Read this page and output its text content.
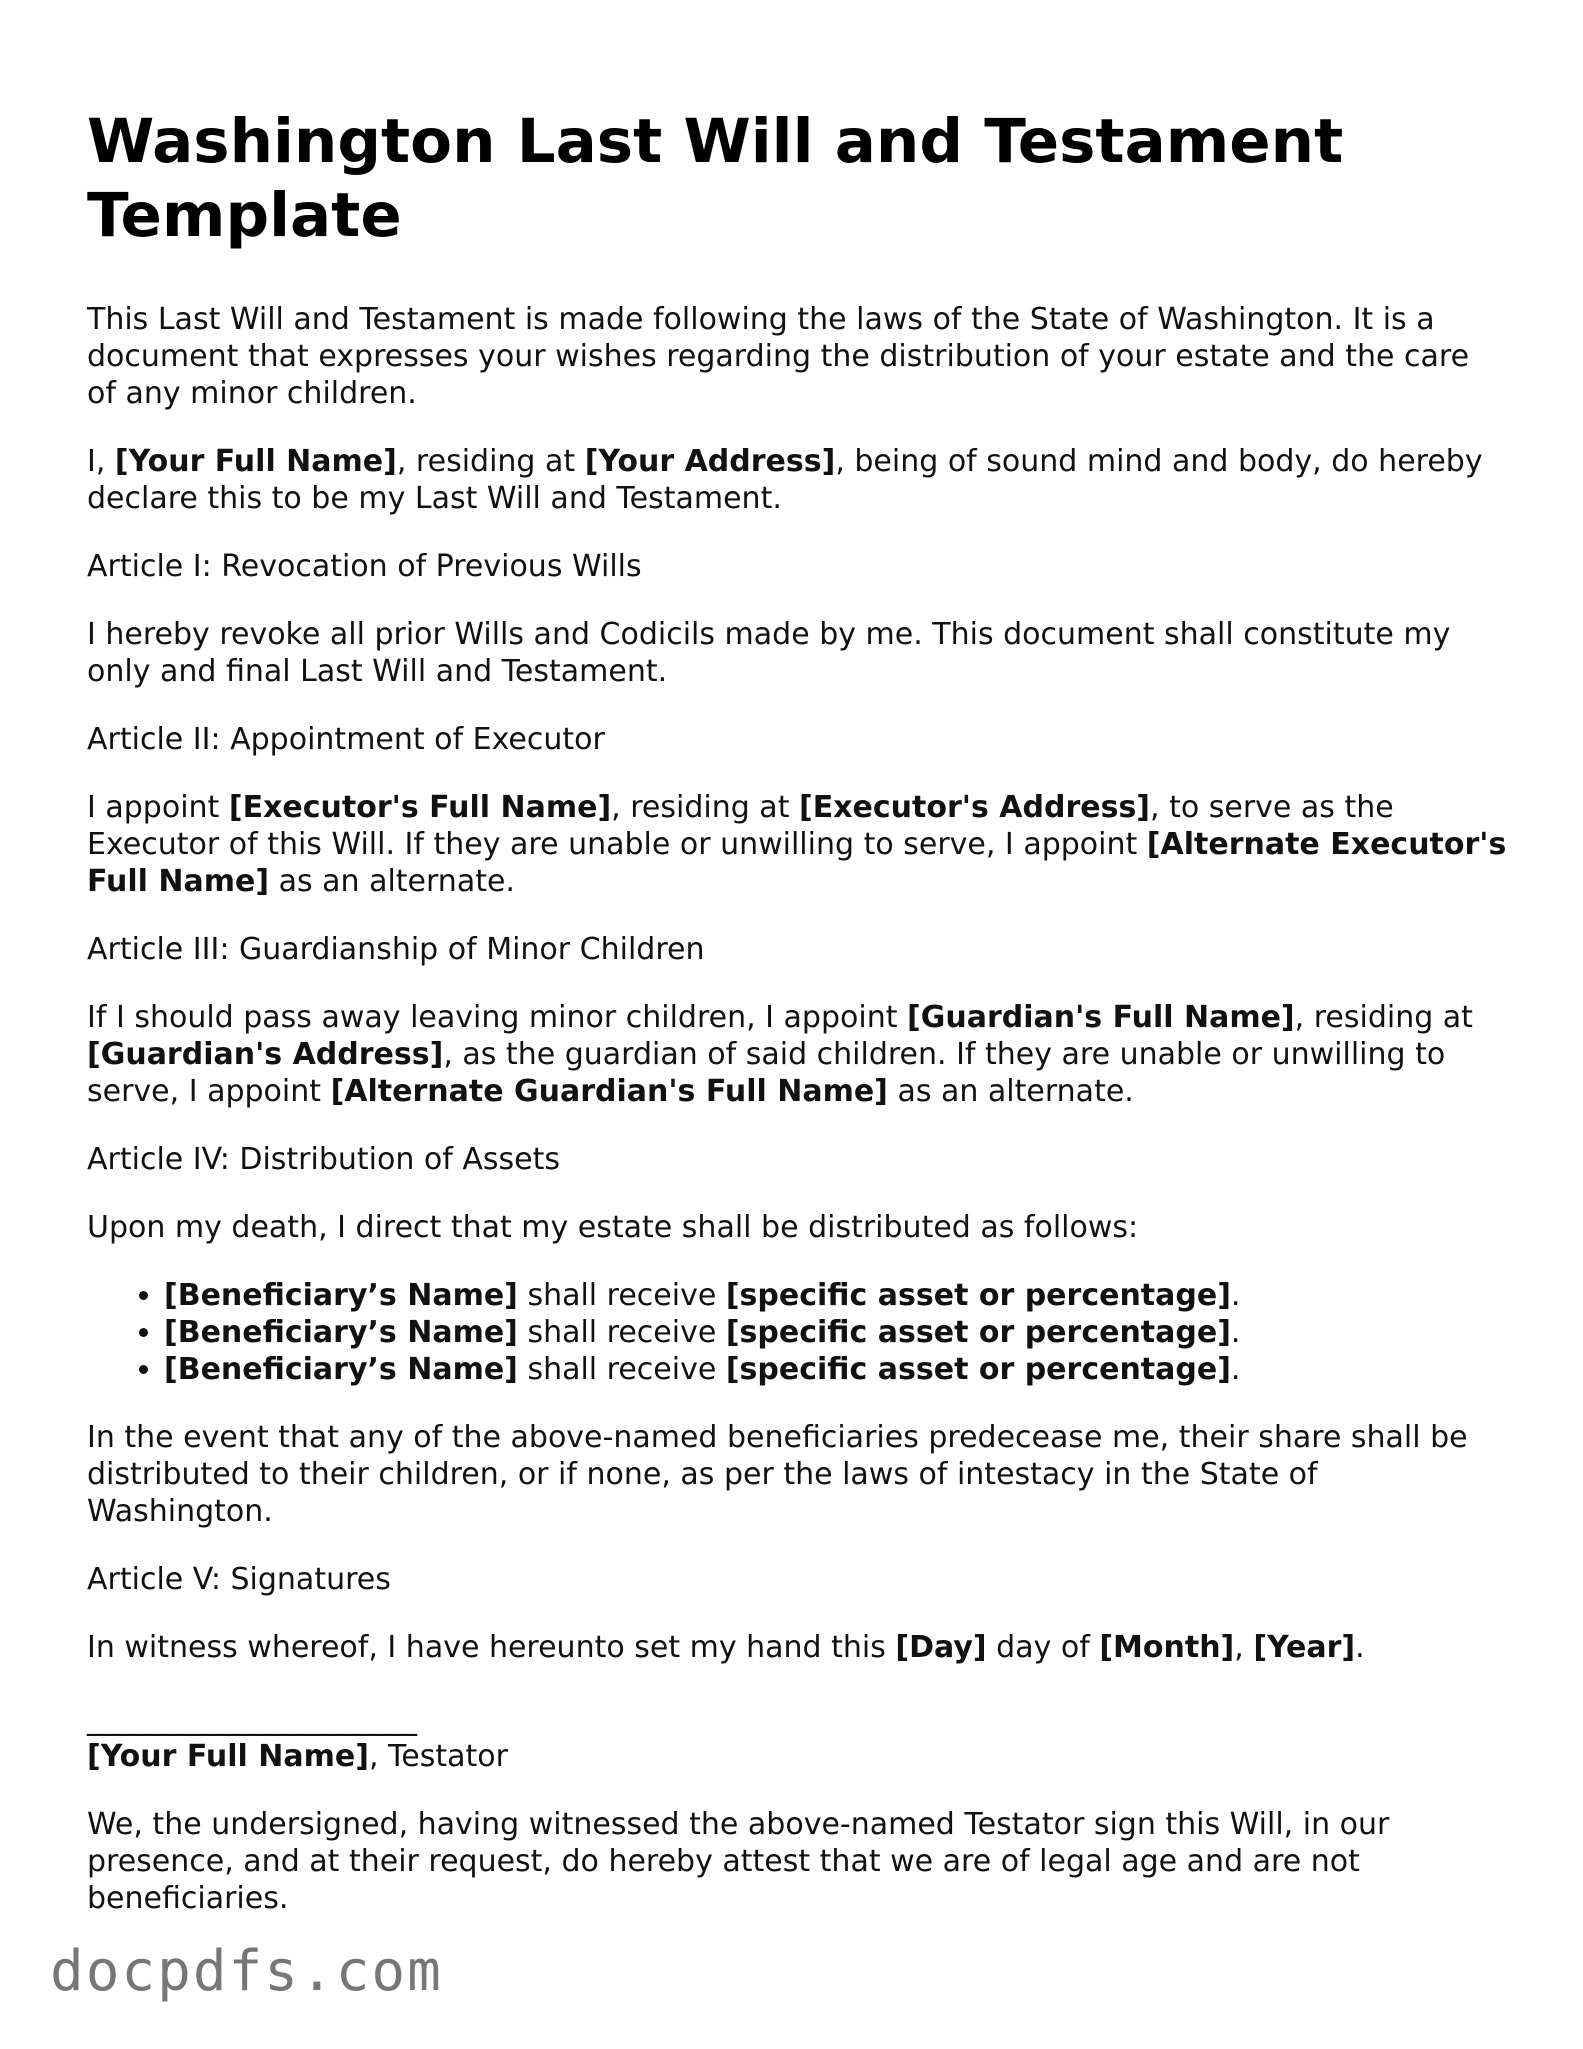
Washington Last Will and Testament Template

This Last Will and Testament is made following the laws of the State of Washington. It is a document that expresses your wishes regarding the distribution of your estate and the care of any minor children.

I, [Your Full Name], residing at [Your Address], being of sound mind and body, do hereby declare this to be my Last Will and Testament.

Article I: Revocation of Previous Wills

I hereby revoke all prior Wills and Codicils made by me. This document shall constitute my only and final Last Will and Testament.

Article II: Appointment of Executor

I appoint [Executor's Full Name], residing at [Executor's Address], to serve as the Executor of this Will. If they are unable or unwilling to serve, I appoint [Alternate Executor's Full Name] as an alternate.

Article III: Guardianship of Minor Children

If I should pass away leaving minor children, I appoint [Guardian's Full Name], residing at [Guardian's Address], as the guardian of said children. If they are unable or unwilling to serve, I appoint [Alternate Guardian's Full Name] as an alternate.

Article IV: Distribution of Assets

Upon my death, I direct that my estate shall be distributed as follows:

• [Beneficiary’s Name] shall receive [specific asset or percentage].
• [Beneficiary’s Name] shall receive [specific asset or percentage].
• [Beneficiary’s Name] shall receive [specific asset or percentage].

In the event that any of the above-named beneficiaries predecease me, their share shall be distributed to their children, or if none, as per the laws of intestacy in the State of Washington.

Article V: Signatures

In witness whereof, I have hereunto set my hand this [Day] day of [Month], [Year].

______________________
[Your Full Name], Testator

We, the undersigned, having witnessed the above-named Testator sign this Will, in our presence, and at their request, do hereby attest that we are of legal age and are not beneficiaries.

docpdfs.com
